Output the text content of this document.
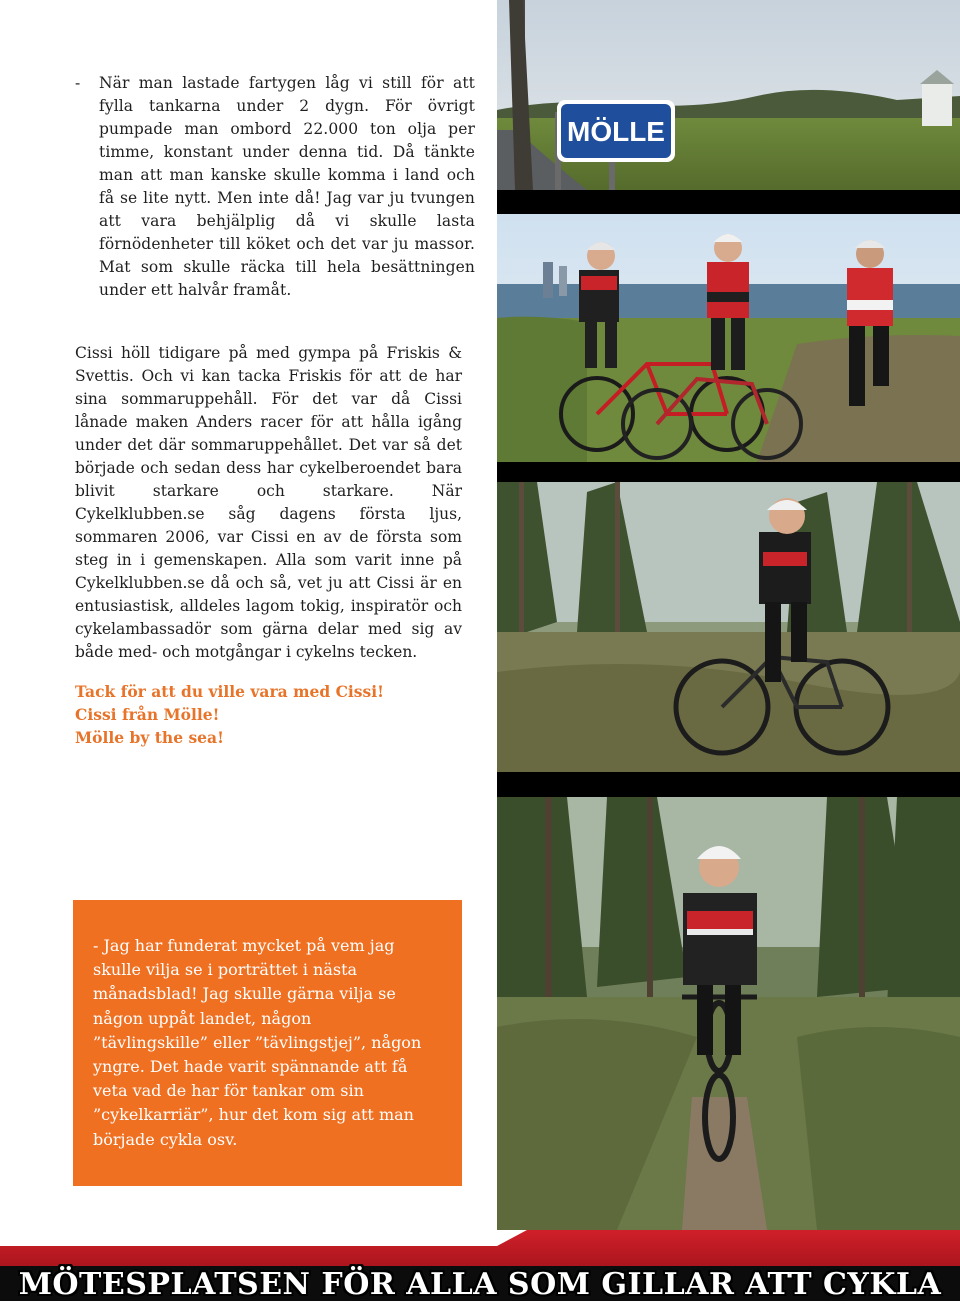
- När man lastade fartygen låg vi still för att fylla tankarna under 2 dygn. För övrigt pumpade man ombord 22.000 ton olja per timme, konstant under denna tid. Då tänkte man att man kanske skulle komma i land och få se lite nytt. Men inte då! Jag var ju tvungen att vara behjälplig då vi skulle lasta förnödenheter till köket och det var ju massor. Mat som skulle räcka till hela besättningen under ett halvår framåt.

Cissi höll tidigare på med gympa på Friskis & Svettis. Och vi kan tacka Friskis för att de har sina sommaruppehåll. För det var då Cissi lånade maken Anders racer för att hålla igång under det där sommaruppehållet. Det var så det började och sedan dess har cykelberoendet bara blivit starkare och starkare. När Cykelklubben.se såg dagens första ljus, sommaren 2006, var Cissi en av de första som steg in i gemenskapen. Alla som varit inne på Cykelklubben.se då och så, vet ju att Cissi är en entusiastisk, alldeles lagom tokig, inspiratör och cykelambassadör som gärna delar med sig av både med- och motgångar i cykelns tecken.

Tack för att du ville vara med Cissi!
Cissi från Mölle!
Mölle by the sea!

- Jag har funderat mycket på vem jag skulle vilja se i porträttet i nästa månadsblad! Jag skulle gärna vilja se någon uppåt landet, någon ”tävlingskille” eller ”tävlingstjej”, någon yngre. Det hade varit spännande att få veta vad de har för tankar om sin ”cykelkarriär”, hur det kom sig att man började cykla osv.

MÖLLE
MÖTESPLATSEN FÖR ALLA SOM GILLAR ATT CYKLA
